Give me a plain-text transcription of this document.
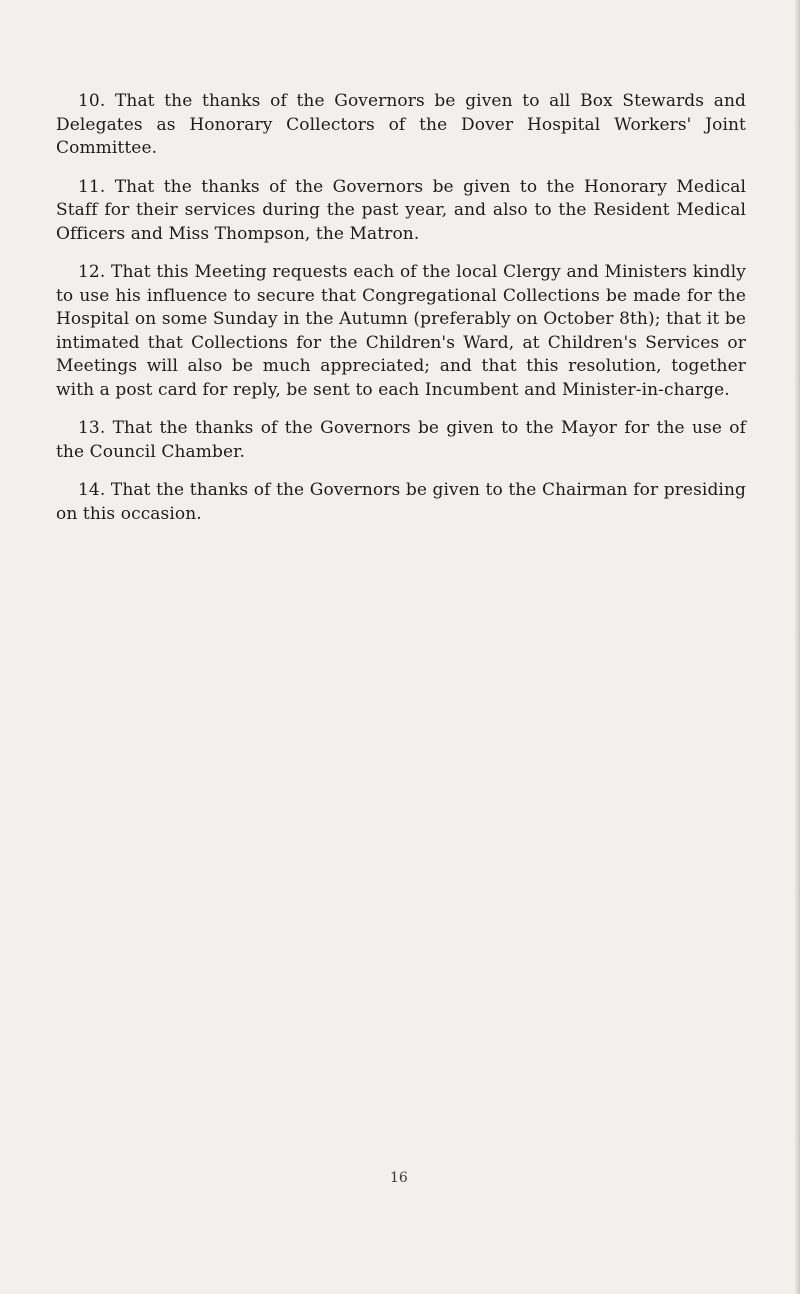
10. That the thanks of the Governors be given to all Box Stewards and Delegates as Honorary Collectors of the Dover Hospital Workers' Joint Committee.

11. That the thanks of the Governors be given to the Honorary Medical Staff for their services during the past year, and also to the Resident Medical Officers and Miss Thompson, the Matron.

12. That this Meeting requests each of the local Clergy and Ministers kindly to use his influence to secure that Congregational Collections be made for the Hospital on some Sunday in the Autumn (preferably on October 8th); that it be intimated that Collections for the Children's Ward, at Children's Services or Meetings will also be much appreciated; and that this resolution, together with a post card for reply, be sent to each Incumbent and Minister-in-charge.

13. That the thanks of the Governors be given to the Mayor for the use of the Council Chamber.

14. That the thanks of the Governors be given to the Chairman for presiding on this occasion.

16
